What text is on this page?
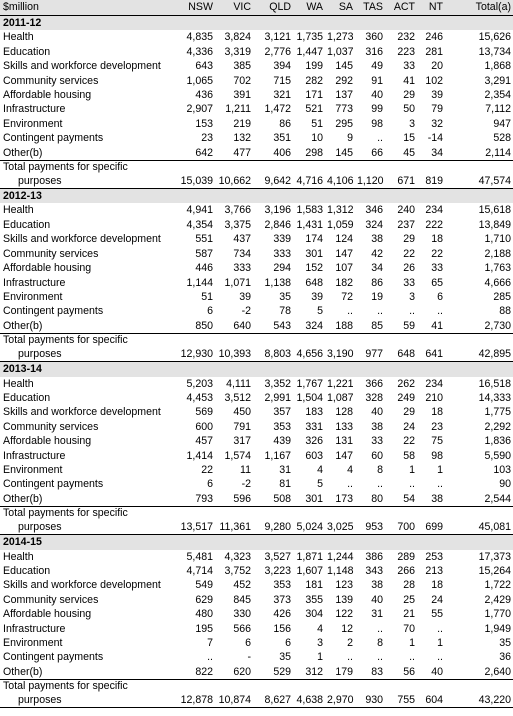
$million	NSW	VIC	QLD	WA	SA	TAS	ACT	NT	Total(a)
2011-12									
Health	4,835	3,824	3,121	1,735	1,273	360	232	246	15,626
Education	4,336	3,319	2,776	1,447	1,037	316	223	281	13,734
Skills and workforce development	643	385	394	199	145	49	33	20	1,868
Community services	1,065	702	715	282	292	91	41	102	3,291
Affordable housing	436	391	321	171	137	40	29	39	2,354
Infrastructure	2,907	1,211	1,472	521	773	99	50	79	7,112
Environment	153	219	86	51	295	98	3	32	947
Contingent payments	23	132	351	10	9	..	15	-14	528
Other(b)	642	477	406	298	145	66	45	34	2,114
Total payments for specific									
purposes	15,039	10,662	9,642	4,716	4,106	1,120	671	819	47,574
2012-13									
Health	4,941	3,766	3,196	1,583	1,312	346	240	234	15,618
Education	4,354	3,375	2,846	1,431	1,059	324	237	222	13,849
Skills and workforce development	551	437	339	174	124	38	29	18	1,710
Community services	587	734	333	301	147	42	22	22	2,188
Affordable housing	446	333	294	152	107	34	26	33	1,763
Infrastructure	1,144	1,071	1,138	648	182	86	33	65	4,666
Environment	51	39	35	39	72	19	3	6	285
Contingent payments	6	-2	78	5	..	..	..	..	88
Other(b)	850	640	543	324	188	85	59	41	2,730
Total payments for specific									
purposes	12,930	10,393	8,803	4,656	3,190	977	648	641	42,895
2013-14									
Health	5,203	4,111	3,352	1,767	1,221	366	262	234	16,518
Education	4,453	3,512	2,991	1,504	1,087	328	249	210	14,333
Skills and workforce development	569	450	357	183	128	40	29	18	1,775
Community services	600	791	353	331	133	38	24	23	2,292
Affordable housing	457	317	439	326	131	33	22	75	1,836
Infrastructure	1,414	1,574	1,167	603	147	60	58	98	5,590
Environment	22	11	31	4	4	8	1	1	103
Contingent payments	6	-2	81	5	..	..	..	..	90
Other(b)	793	596	508	301	173	80	54	38	2,544
Total payments for specific									
purposes	13,517	11,361	9,280	5,024	3,025	953	700	699	45,081
2014-15									
Health	5,481	4,323	3,527	1,871	1,244	386	289	253	17,373
Education	4,714	3,752	3,223	1,607	1,148	343	266	213	15,264
Skills and workforce development	549	452	353	181	123	38	28	18	1,722
Community services	629	845	373	355	139	40	25	24	2,429
Affordable housing	480	330	426	304	122	31	21	55	1,770
Infrastructure	195	566	156	4	12	..	70	..	1,949
Environment	7	6	6	3	2	8	1	1	35
Contingent payments	..	-	35	1	..	..	..	..	36
Other(b)	822	620	529	312	179	83	56	40	2,640
Total payments for specific									
purposes	12,878	10,874	8,627	4,638	2,970	930	755	604	43,220
